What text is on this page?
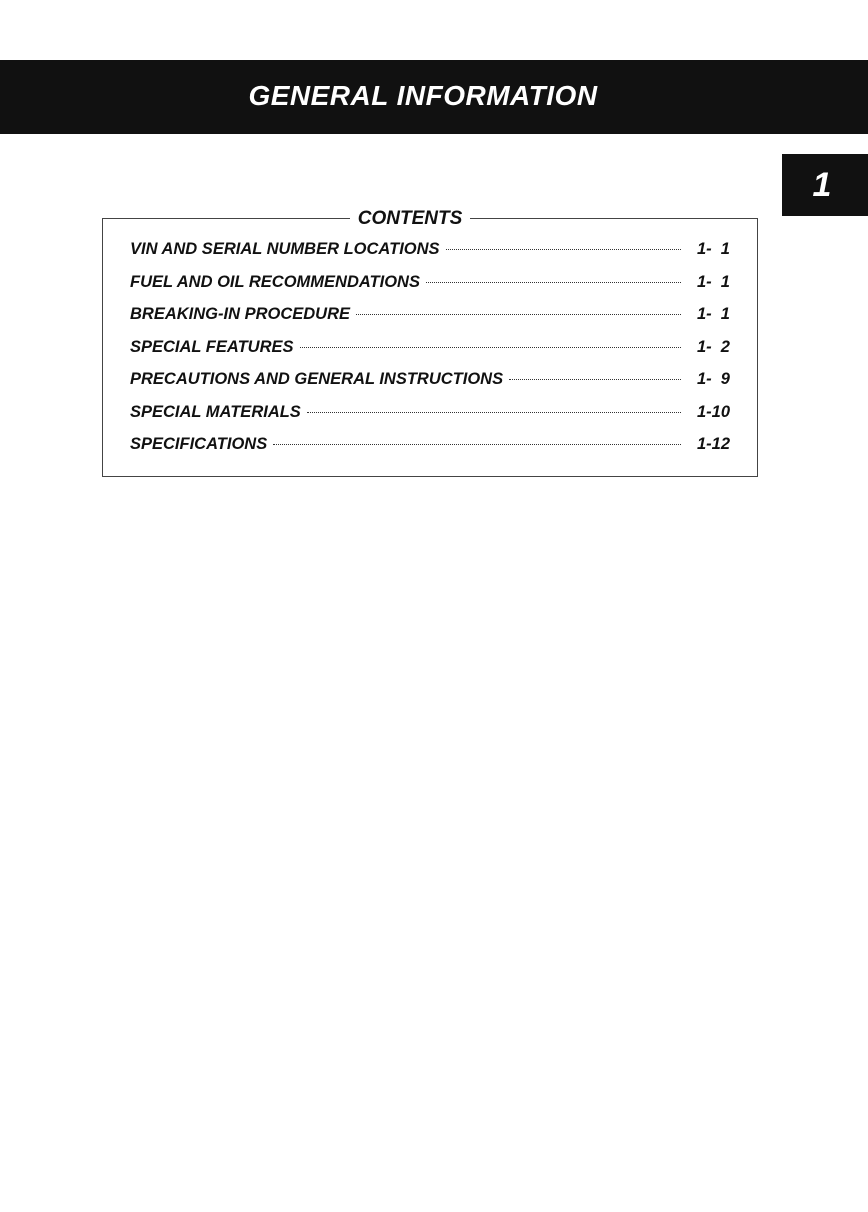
GENERAL INFORMATION
1
CONTENTS
VIN AND SERIAL NUMBER LOCATIONS	1-  1
FUEL AND OIL RECOMMENDATIONS	1-  1
BREAKING-IN PROCEDURE	1-  1
SPECIAL FEATURES	1-  2
PRECAUTIONS AND GENERAL INSTRUCTIONS	1-  9
SPECIAL MATERIALS	1-10
SPECIFICATIONS	1-12
